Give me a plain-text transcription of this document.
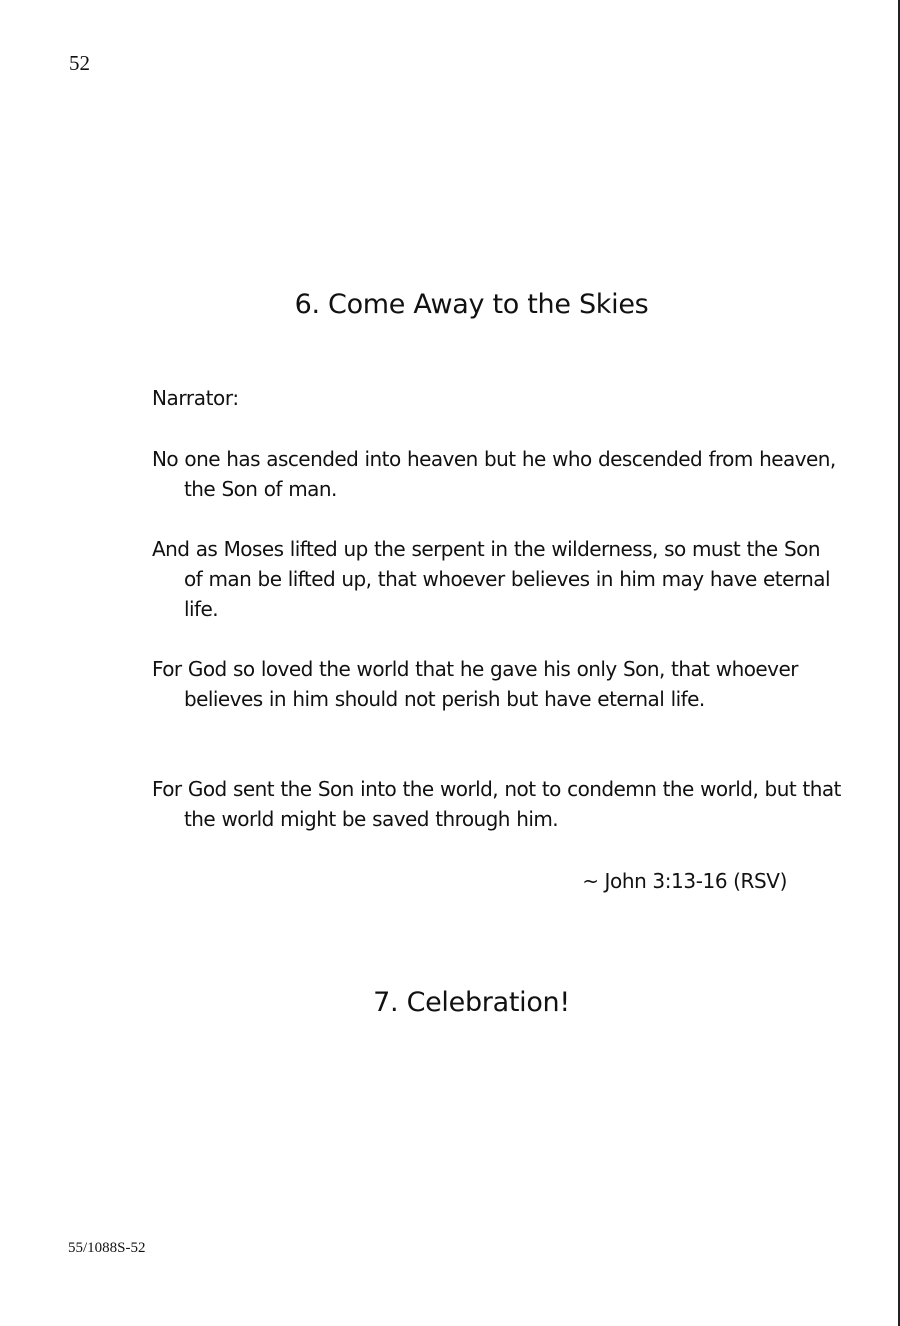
52
6. Come Away to the Skies
Narrator:
No one has ascended into heaven but he who descended from heaven, the Son of man.
And as Moses lifted up the serpent in the wilderness, so must the Son of man be lifted up, that whoever believes in him may have eternal life.
For God so loved the world that he gave his only Son, that whoever believes in him should not perish but have eternal life.
For God sent the Son into the world, not to condemn the world, but that the world might be saved through him.
~ John 3:13-16 (RSV)
7. Celebration!
55/1088S-52
